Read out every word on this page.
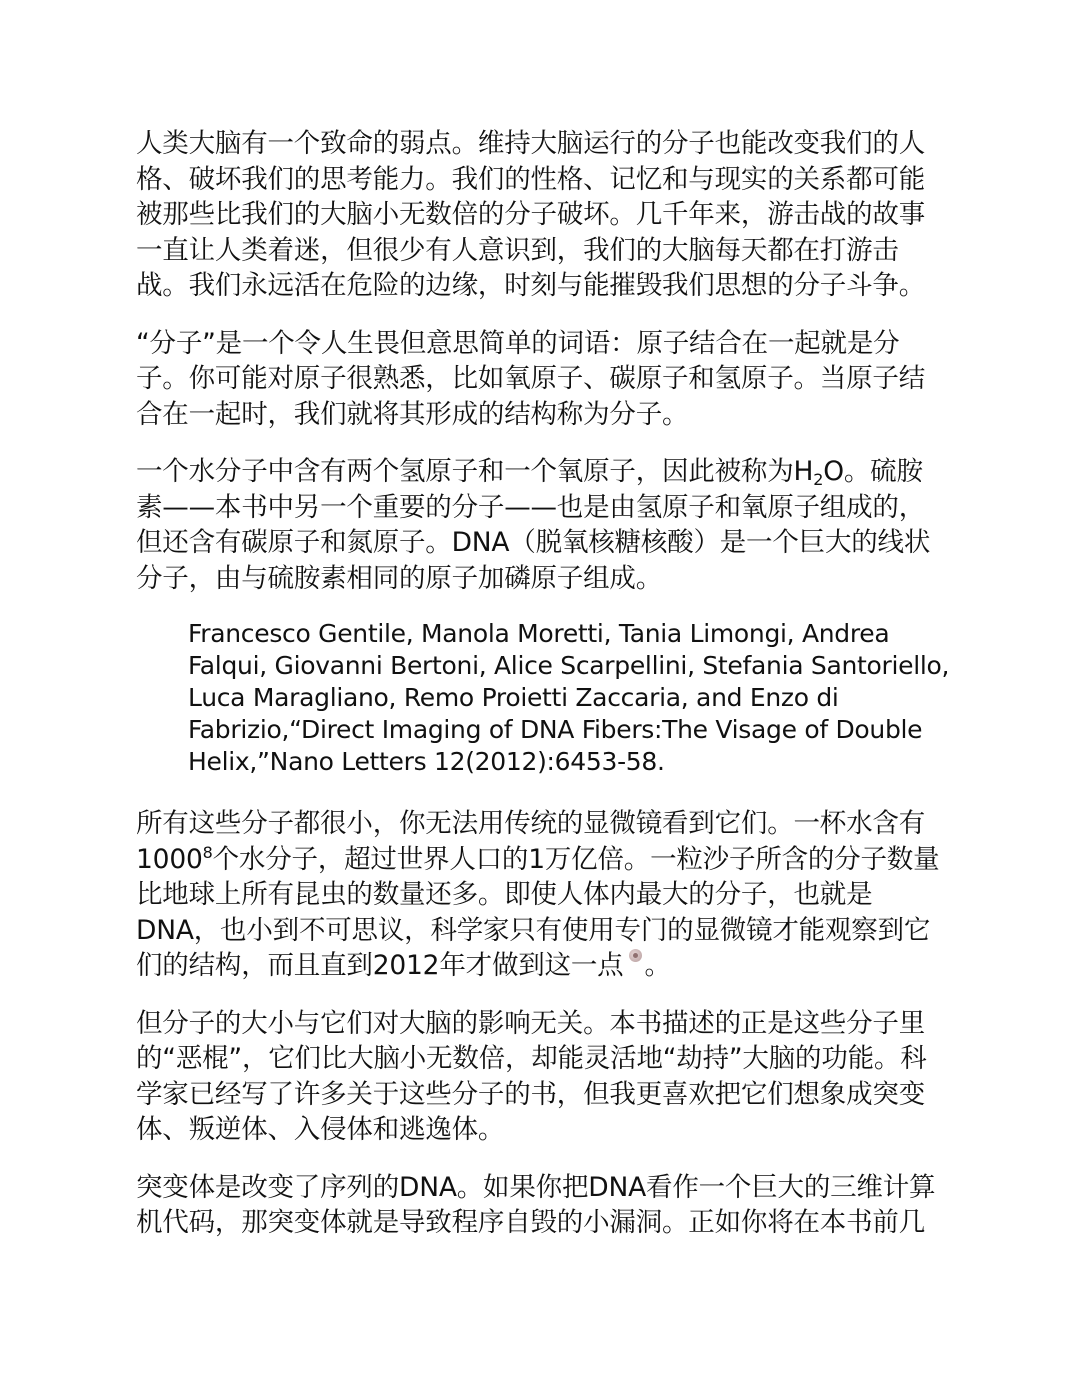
人类大脑有一个致命的弱点。维持大脑运行的分子也能改变我们的人格、破坏我们的思考能力。我们的性格、记忆和与现实的关系都可能被那些比我们的大脑小无数倍的分子破坏。几千年来，游击战的故事一直让人类着迷，但很少有人意识到，我们的大脑每天都在打游击战。我们永远活在危险的边缘，时刻与能摧毁我们思想的分子斗争。

“分子”是一个令人生畏但意思简单的词语：原子结合在一起就是分子。你可能对原子很熟悉，比如氧原子、碳原子和氢原子。当原子结合在一起时，我们就将其形成的结构称为分子。

一个水分子中含有两个氢原子和一个氧原子，因此被称为$H_2O$。硫胺素——本书中另一个重要的分子——也是由氢原子和氧原子组成的，但还含有碳原子和氮原子。DNA（脱氧核糖核酸）是一个巨大的线状分子，由与硫胺素相同的原子加磷原子组成。

Francesco Gentile, Manola Moretti, Tania Limongi, Andrea Falqui, Giovanni Bertoni, Alice Scarpellini, Stefania Santoriello, Luca Maragliano, Remo Proietti Zaccaria, and Enzo di Fabrizio,“Direct Imaging of DNA Fibers:The Visage of Double Helix,”Nano Letters 12(2012):6453-58.

所有这些分子都很小，你无法用传统的显微镜看到它们。一杯水含有1000$^8$个水分子，超过世界人口的1万亿倍。一粒沙子所含的分子数量比地球上所有昆虫的数量还多。即使人体内最大的分子，也就是DNA，也小到不可思议，科学家只有使用专门的显微镜才能观察到它们的结构，而且直到2012年才做到这一点 。

但分子的大小与它们对大脑的影响无关。本书描述的正是这些分子里的“恶棍”，它们比大脑小无数倍，却能灵活地“劫持”大脑的功能。科学家已经写了许多关于这些分子的书，但我更喜欢把它们想象成突变体、叛逆体、入侵体和逃逸体。

突变体是改变了序列的DNA。如果你把DNA看作一个巨大的三维计算机代码，那突变体就是导致程序自毁的小漏洞。正如你将在本书前几
